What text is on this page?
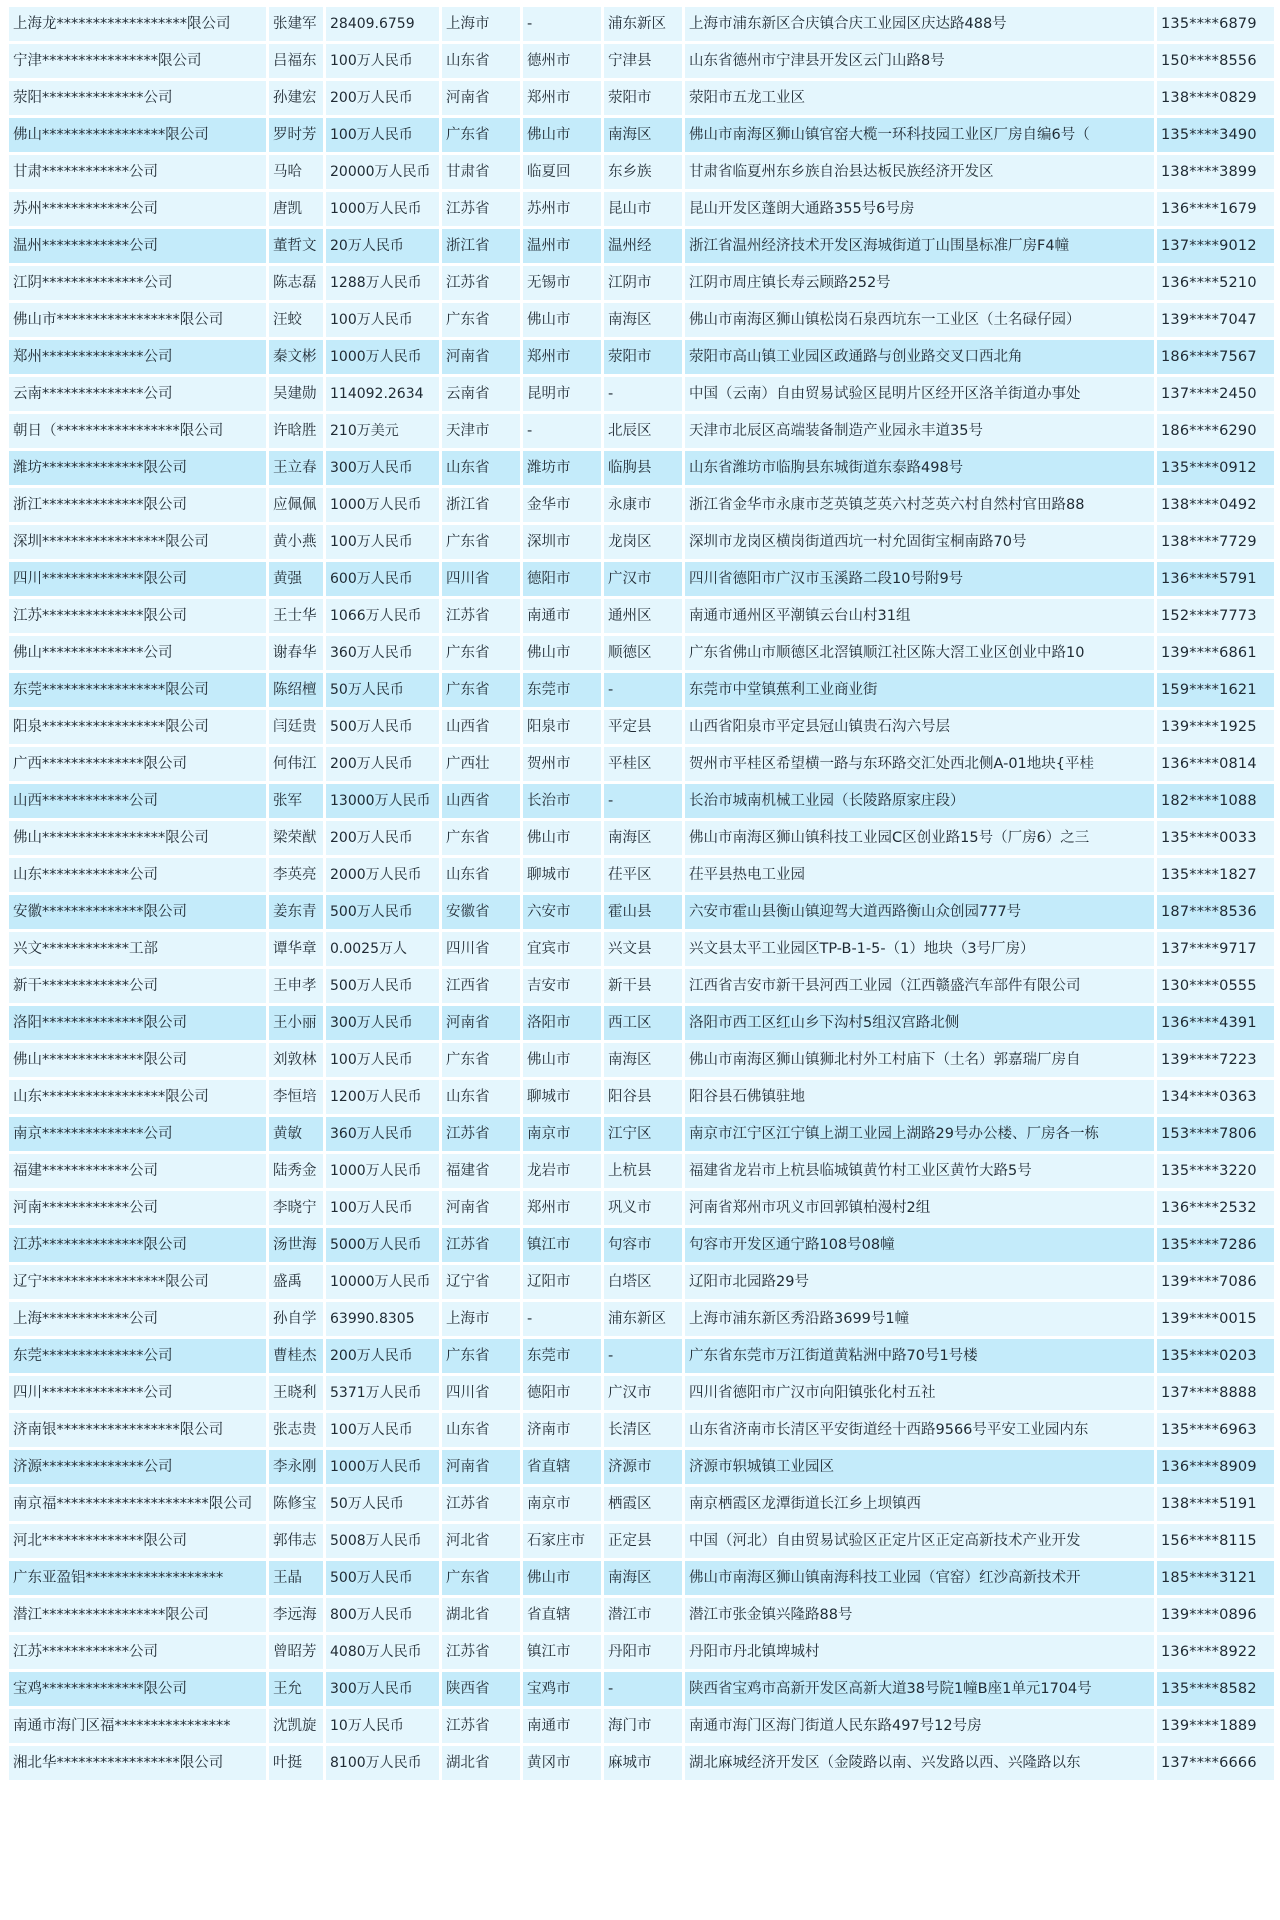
上海龙******************限公司	张建军	28409.6759	上海市	-	浦东新区	上海市浦东新区合庆镇合庆工业园区庆达路488号	135****6879
宁津****************限公司	吕福东	100万人民币	山东省	德州市	宁津县	山东省德州市宁津县开发区云门山路8号	150****8556
荥阳**************公司	孙建宏	200万人民币	河南省	郑州市	荥阳市	荥阳市五龙工业区	138****0829
佛山*****************限公司	罗时芳	100万人民币	广东省	佛山市	南海区	佛山市南海区狮山镇官窑大榄一环科技园工业区厂房自编6号（	135****3490
甘肃************公司	马哈	20000万人民币	甘肃省	临夏回	东乡族	甘肃省临夏州东乡族自治县达板民族经济开发区	138****3899
苏州************公司	唐凯	1000万人民币	江苏省	苏州市	昆山市	昆山开发区蓬朗大通路355号6号房	136****1679
温州************公司	董哲文	20万人民币	浙江省	温州市	温州经	浙江省温州经济技术开发区海城街道丁山围垦标准厂房F4幢	137****9012
江阴**************公司	陈志磊	1288万人民币	江苏省	无锡市	江阴市	江阴市周庄镇长寿云顾路252号	136****5210
佛山市*****************限公司	汪蛟	100万人民币	广东省	佛山市	南海区	佛山市南海区狮山镇松岗石泉西坑东一工业区（土名碌仔园）	139****7047
郑州**************公司	秦文彬	1000万人民币	河南省	郑州市	荥阳市	荥阳市高山镇工业园区政通路与创业路交叉口西北角	186****7567
云南**************公司	吴建勋	114092.2634	云南省	昆明市	-	中国（云南）自由贸易试验区昆明片区经开区洛羊街道办事处	137****2450
朝日（*****************限公司	许晗胜	210万美元	天津市	-	北辰区	天津市北辰区高端装备制造产业园永丰道35号	186****6290
潍坊**************限公司	王立春	300万人民币	山东省	潍坊市	临朐县	山东省潍坊市临朐县东城街道东泰路498号	135****0912
浙江**************限公司	应佩佩	1000万人民币	浙江省	金华市	永康市	浙江省金华市永康市芝英镇芝英六村芝英六村自然村官田路88	138****0492
深圳*****************限公司	黄小燕	100万人民币	广东省	深圳市	龙岗区	深圳市龙岗区横岗街道西坑一村允固街宝桐南路70号	138****7729
四川**************限公司	黄强	600万人民币	四川省	德阳市	广汉市	四川省德阳市广汉市玉溪路二段10号附9号	136****5791
江苏**************限公司	王士华	1066万人民币	江苏省	南通市	通州区	南通市通州区平潮镇云台山村31组	152****7773
佛山**************公司	谢春华	360万人民币	广东省	佛山市	顺德区	广东省佛山市顺德区北滘镇顺江社区陈大滘工业区创业中路10	139****6861
东莞*****************限公司	陈绍檀	50万人民币	广东省	东莞市	-	东莞市中堂镇蕉利工业商业街	159****1621
阳泉*****************限公司	闫廷贵	500万人民币	山西省	阳泉市	平定县	山西省阳泉市平定县冠山镇贵石沟六号层	139****1925
广西**************限公司	何伟江	200万人民币	广西壮	贺州市	平桂区	贺州市平桂区希望横一路与东环路交汇处西北侧A-01地块{平桂	136****0814
山西************公司	张军	13000万人民币	山西省	长治市	-	长治市城南机械工业园（长陵路原家庄段）	182****1088
佛山*****************限公司	梁荣猷	200万人民币	广东省	佛山市	南海区	佛山市南海区狮山镇科技工业园C区创业路15号（厂房6）之三	135****0033
山东************公司	李英亮	2000万人民币	山东省	聊城市	茌平区	茌平县热电工业园	135****1827
安徽**************限公司	姜东青	500万人民币	安徽省	六安市	霍山县	六安市霍山县衡山镇迎驾大道西路衡山众创园777号	187****8536
兴文************工部	谭华章	0.0025万人	四川省	宜宾市	兴文县	兴文县太平工业园区TP-B-1-5-（1）地块（3号厂房）	137****9717
新干************公司	王申孝	500万人民币	江西省	吉安市	新干县	江西省吉安市新干县河西工业园（江西赣盛汽车部件有限公司	130****0555
洛阳**************限公司	王小丽	300万人民币	河南省	洛阳市	西工区	洛阳市西工区红山乡下沟村5组汉宫路北侧	136****4391
佛山**************限公司	刘敦林	100万人民币	广东省	佛山市	南海区	佛山市南海区狮山镇狮北村外工村庙下（土名）郭嘉瑞厂房自	139****7223
山东*****************限公司	李恒培	1200万人民币	山东省	聊城市	阳谷县	阳谷县石佛镇驻地	134****0363
南京**************公司	黄敏	360万人民币	江苏省	南京市	江宁区	南京市江宁区江宁镇上湖工业园上湖路29号办公楼、厂房各一栋	153****7806
福建************公司	陆秀金	1000万人民币	福建省	龙岩市	上杭县	福建省龙岩市上杭县临城镇黄竹村工业区黄竹大路5号	135****3220
河南************公司	李晓宁	100万人民币	河南省	郑州市	巩义市	河南省郑州市巩义市回郭镇柏漫村2组	136****2532
江苏**************限公司	汤世海	5000万人民币	江苏省	镇江市	句容市	句容市开发区通宁路108号08幢	135****7286
辽宁*****************限公司	盛禹	10000万人民币	辽宁省	辽阳市	白塔区	辽阳市北园路29号	139****7086
上海************公司	孙自学	63990.8305	上海市	-	浦东新区	上海市浦东新区秀沿路3699号1幢	139****0015
东莞**************公司	曹桂杰	200万人民币	广东省	东莞市	-	广东省东莞市万江街道黄粘洲中路70号1号楼	135****0203
四川**************公司	王晓利	5371万人民币	四川省	德阳市	广汉市	四川省德阳市广汉市向阳镇张化村五社	137****8888
济南银*****************限公司	张志贵	100万人民币	山东省	济南市	长清区	山东省济南市长清区平安街道经十西路9566号平安工业园内东	135****6963
济源**************公司	李永刚	1000万人民币	河南省	省直辖	济源市	济源市轵城镇工业园区	136****8909
南京福*********************限公司	陈修宝	50万人民币	江苏省	南京市	栖霞区	南京栖霞区龙潭街道长江乡上坝镇西	138****5191
河北**************限公司	郭伟志	5008万人民币	河北省	石家庄市	正定县	中国（河北）自由贸易试验区正定片区正定高新技术产业开发	156****8115
广东亚盈铝*******************	王晶	500万人民币	广东省	佛山市	南海区	佛山市南海区狮山镇南海科技工业园（官窑）红沙高新技术开	185****3121
潜江*****************限公司	李远海	800万人民币	湖北省	省直辖	潜江市	潜江市张金镇兴隆路88号	139****0896
江苏************公司	曾昭芳	4080万人民币	江苏省	镇江市	丹阳市	丹阳市丹北镇埤城村	136****8922
宝鸡**************限公司	王允	300万人民币	陕西省	宝鸡市	-	陕西省宝鸡市高新开发区高新大道38号院1幢B座1单元1704号	135****8582
南通市海门区福****************	沈凯旋	10万人民币	江苏省	南通市	海门市	南通市海门区海门街道人民东路497号12号房	139****1889
湘北华*****************限公司	叶挺	8100万人民币	湖北省	黄冈市	麻城市	湖北麻城经济开发区（金陵路以南、兴发路以西、兴隆路以东	137****6666
